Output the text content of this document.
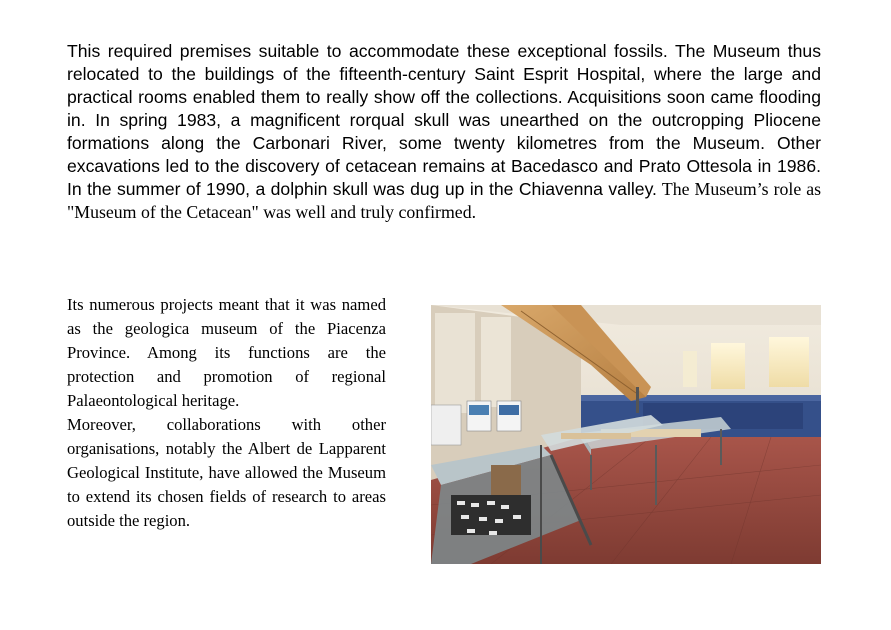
This required premises suitable to accommodate these exceptional fossils. The Museum thus relocated to the buildings of the fifteenth-century Saint Esprit Hospital, where the large and practical rooms enabled them to really show off the collections. Acquisitions soon came flooding in. In spring 1983, a magnificent rorqual skull was unearthed on the outcropping Pliocene formations along the Carbonari River, some twenty kilometres from the Museum. Other excavations led to the discovery of cetacean remains at Bacedasco and Prato Ottesola in 1986. In the summer of 1990, a dolphin skull was dug up in the Chiavenna valley. The Museum’s role as "Museum of the Cetacean" was well and truly confirmed.

Its numerous projects meant that it was named as the geologica museum of the Piacenza Province. Among its functions are the protection and promotion of regional Palaeontological heritage.

Moreover, collaborations with other organisations, notably the Albert de Lapparent Geological Institute, have allowed the Museum to extend its chosen fields of research to areas outside the region.
